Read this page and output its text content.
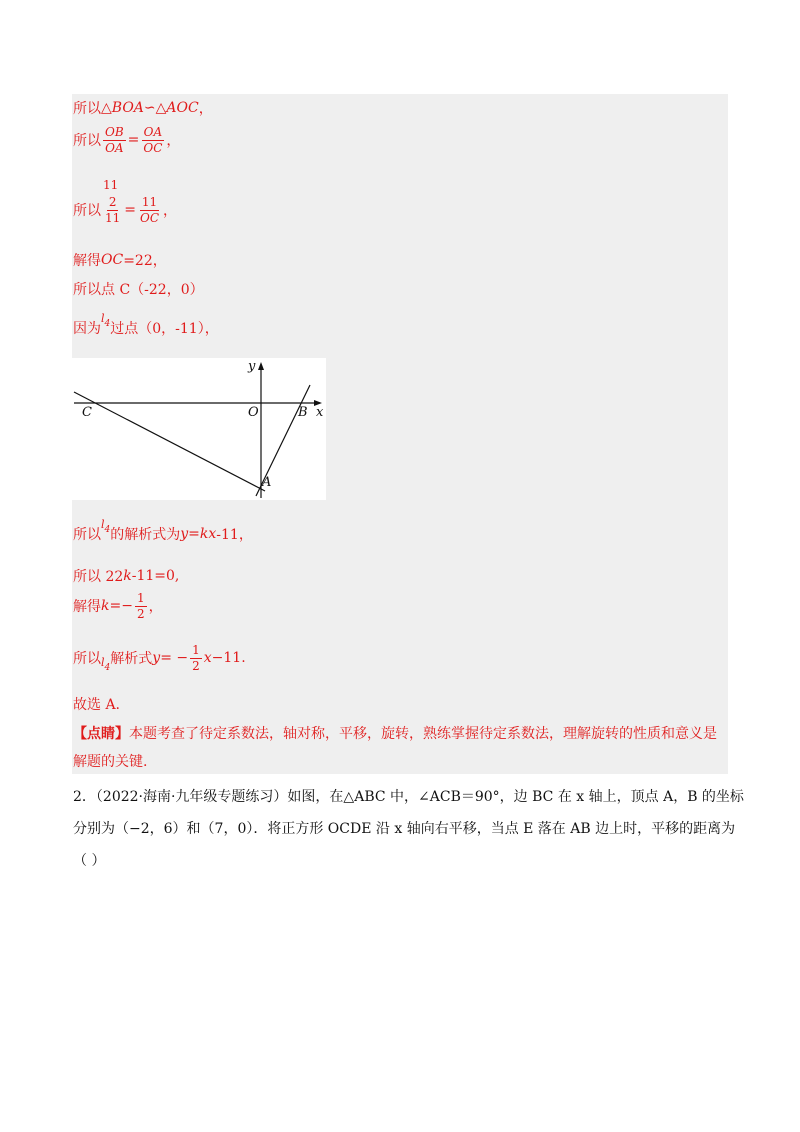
所以 △BOA∽△AOC ，
所以 $\frac{OB}{OA} = \frac{OA}{OC}$ ，
11
所以 $\frac{2}{11} = \frac{11}{OC}$ ，
解得 OC =22，
所以点 C（-22，0）
因为
$l_4$ 过点（0，-11），
C	O	B x
y
A
所以
$l_4$ 的解析式为 y=kx -11，
所以 22 k -11=0,
解得 $k =- \frac{1}{2}$ ，
所以 $l_4$
解析式 y = − $\frac{1}{2}$ x −11 .
故选 A.
【点睛】 本题考查了待定系数法，轴对称，平移，旋转，熟练掌握待定系数法，理解旋转的性质和意义是
解题的关键.
2．（2022·海南·九年级专题练习）如图，在△ABC 中，∠ACB＝90°，边 BC 在 x 轴上，顶点 A，B 的坐标
分别为（−2，6）和（7，0）．将正方形 OCDE 沿 x 轴向右平移，当点 E 落在 AB 边上时，平移的距离为
（ ）
